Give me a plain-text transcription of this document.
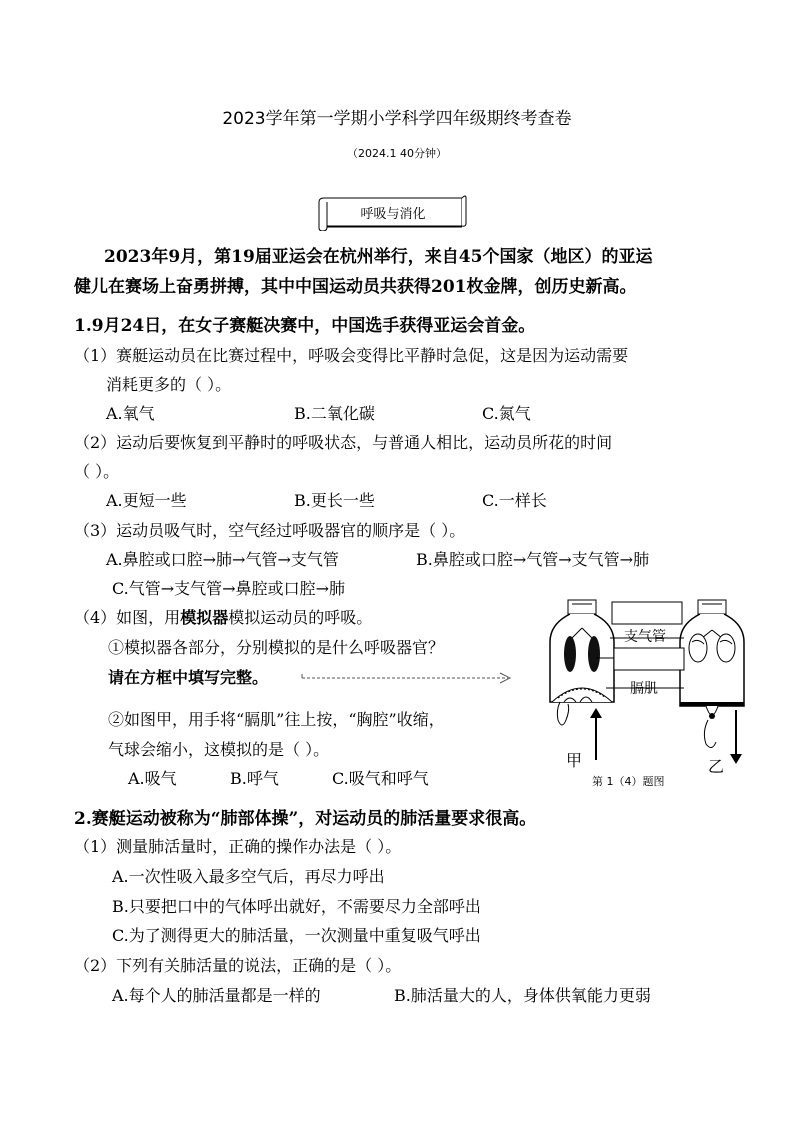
2023学年第一学期小学科学四年级期终考查卷
（2024.1 40分钟）
呼吸与消化
2023年9月，第19届亚运会在杭州举行，来自45个国家（地区）的亚运
健儿在赛场上奋勇拼搏，其中中国运动员共获得201枚金牌，创历史新高。
1.9月24日，在女子赛艇决赛中，中国选手获得亚运会首金。
（1）赛艇运动员在比赛过程中，呼吸会变得比平静时急促，这是因为运动需要
消耗更多的（ ）。
A.氧气	B.二氧化碳	C.氮气
（2）运动后要恢复到平静时的呼吸状态，与普通人相比，运动员所花的时间
（ ）。
A.更短一些	B.更长一些	C.一样长
（3）运动员吸气时，空气经过呼吸器官的顺序是（ ）。
A.鼻腔或口腔→肺→气管→支气管	B.鼻腔或口腔→气管→支气管→肺
C.气管→支气管→鼻腔或口腔→肺
（4）如图，用模拟器模拟运动员的呼吸。
①模拟器各部分，分别模拟的是什么呼吸器官？
请在方框中填写完整。
②如图甲，用手将“膈肌”往上按，“胸腔”收缩，
气球会缩小，这模拟的是（ ）。
A.吸气	B.呼气	C.吸气和呼气
支气管
膈肌
甲	乙
第 1（4）题图
2.赛艇运动被称为“肺部体操”，对运动员的肺活量要求很高。
（1）测量肺活量时，正确的操作办法是（ ）。
A.一次性吸入最多空气后，再尽力呼出
B.只要把口中的气体呼出就好，不需要尽力全部呼出
C.为了测得更大的肺活量，一次测量中重复吸气呼出
（2）下列有关肺活量的说法，正确的是（ ）。
A.每个人的肺活量都是一样的	B.肺活量大的人，身体供氧能力更弱
